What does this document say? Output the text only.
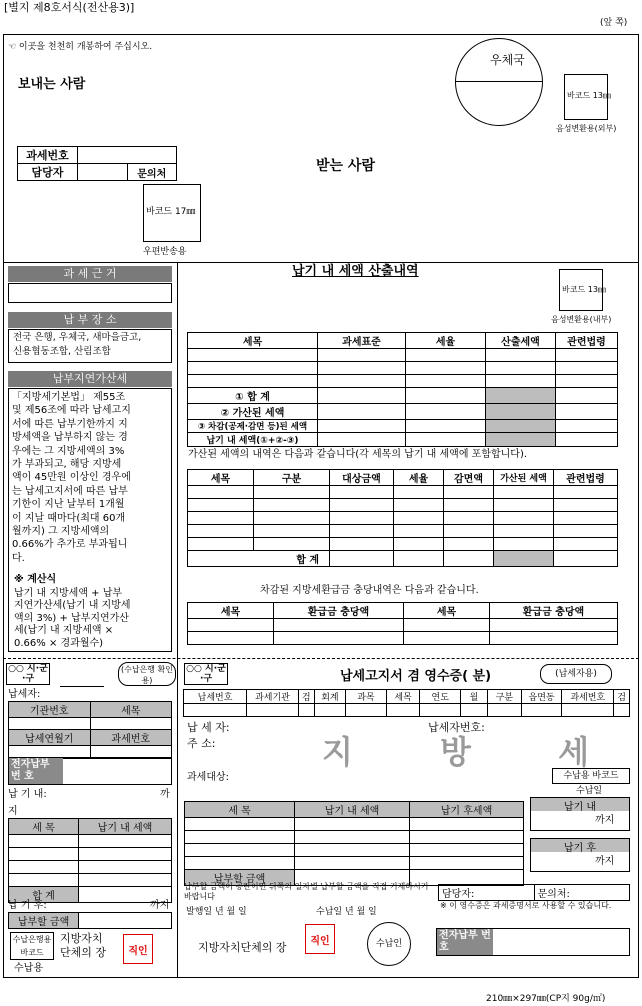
[별지 제8호서식(전산용3)]
(앞 쪽)
☜ 이곳을 천천히 개봉하여 주십시오.
보내는 사람
우체국
바코드 13㎜
음성변환용(외부)
과세번호		
담당자		문의처	받는 사람
바코드 17㎜
우편반송용
과 세 근 거
납 부 장 소
전국 은행, 우체국, 새마을금고,
신용협동조합, 산림조합
납부지연가산세
「지방세기본법」 제55조
및 제56조에 따라 납세고지
서에 따른 납부기한까지 지
방세액을 납부하지 않는 경
우에는 그 지방세액의 3%
가 부과되고, 해당 지방세
액이 45만원 이상인 경우에
는 납세고지서에 따른 납부
기한이 지난 날부터 1개월
이 지날 때마다(최대 60개
월까지) 그 지방세액의
0.66%가 추가로 부과됩니
다.
※ 계산식
납기 내 지방세액 + 납부
지연가산세(납기 내 지방세
액의 3%) + 납부지연가산
세(납기 내 지방세액 ×
0.66% × 경과월수)
납기 내 세액 산출내역
바코드 13㎜
음성변환용(내부)
세목	과세표준	세율	산출세액	관련법령

① 합 계				
② 가산된 세액				
③ 차감(공제·감면 등)된 세액				
납기 내 세액(①+②-③)				
가산된 세액의 내역은 다음과 같습니다(각 세목의 납기 내 세액에 포함합니다).
세목	구분	대상금액	세율	감면액	가산된 세액	관련법령

합 계						
차감된 지방세환급금 충당내역은 다음과 같습니다.
세목	환급금 충당액	세목	환급금 충당액

○○ 시·군·구
(수납은행 확인용)
납세자:
기관번호	세목

납세연월기	과세번호

전자납부 번 호
납 기 내:	까
지
세 목	납기 내 세액

합 계	
납 기 후:	까지
납부할 금액	
수납은행용 바코드
지방자치 단체의 장	직인
수납용
○○ 시·군·구	납세고지서 겸 영수증( 분)	(납세자용)
납세번호	과세기관	검	회계	과목	세목	연도	월	구분	읍면동	과세번호	검

납 세 자:
주 소:
납세자번호:
지 방 세
과세대상:	수납용 바코드
수납일
세 목	납기 내 세액	납기 후세액

납부할 금액		
납기 내
까지
납기 후
까지
납부할 금액이 공란이면 뒤쪽의 일자별 납부할 금액을 직접 기재하시기 바랍니다
발행일 년 월 일	수납일 년 월 일
담당자:	문의처:
※ 이 영수증은 과세증명서로 사용할 수 있습니다.
지방자치단체의 장	직인	수납인
전자납부 번 호
210㎜×297㎜(CP지 90g/㎡)
